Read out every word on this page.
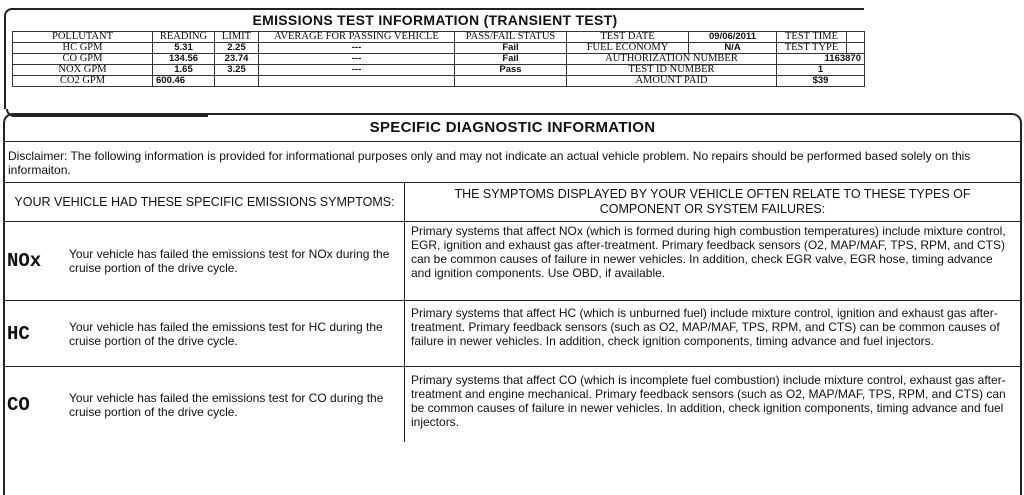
EMISSIONS TEST INFORMATION (TRANSIENT TEST)
POLLUTANT	READING	LIMIT	AVERAGE FOR PASSING VEHICLE	PASS/FAIL STATUS	TEST DATE	09/06/2011	TEST TIME	
HC GPM	5.31	2.25	---	Fail	FUEL ECONOMY	N/A	TEST TYPE	
CO GPM	134.56	23.74	---	Fail	AUTHORIZATION NUMBER		1163870	
NOX GPM	1.65	3.25	---	Pass	TEST ID NUMBER		1	
CO2 GPM	600.46				AMOUNT PAID		$39	
SPECIFIC DIAGNOSTIC INFORMATION
Disclaimer: The following information is provided for informational purposes only and may not indicate an actual vehicle problem. No repairs should be performed based solely on this informaiton.
YOUR VEHICLE HAD THESE SPECIFIC EMISSIONS SYMPTOMS:
THE SYMPTOMS DISPLAYED BY YOUR VEHICLE OFTEN RELATE TO THESE TYPES OF COMPONENT OR SYSTEM FAILURES:
NOx	Your vehicle has failed the emissions test for NOx during the cruise portion of the drive cycle.
Primary systems that affect NOx (which is formed during high combustion temperatures) include mixture control, EGR, ignition and exhaust gas after-treatment. Primary feedback sensors (O2, MAP/MAF, TPS, RPM, and CTS) can be common causes of failure in newer vehicles. In addition, check EGR valve, EGR hose, timing advance and ignition components. Use OBD, if available.
HC	Your vehicle has failed the emissions test for HC during the cruise portion of the drive cycle.
Primary systems that affect HC (which is unburned fuel) include mixture control, ignition and exhaust gas after-treatment. Primary feedback sensors (such as O2, MAP/MAF, TPS, RPM, and CTS) can be common causes of failure in newer vehicles. In addition, check ignition components, timing advance and fuel injectors.
CO	Your vehicle has failed the emissions test for CO during the cruise portion of the drive cycle.
Primary systems that affect CO (which is incomplete fuel combustion) include mixture control, exhaust gas after-treatment and engine mechanical. Primary feedback sensors (such as O2, MAP/MAF, TPS, RPM, and CTS) can be common causes of failure in newer vehicles. In addition, check ignition components, timing advance and fuel injectors.
